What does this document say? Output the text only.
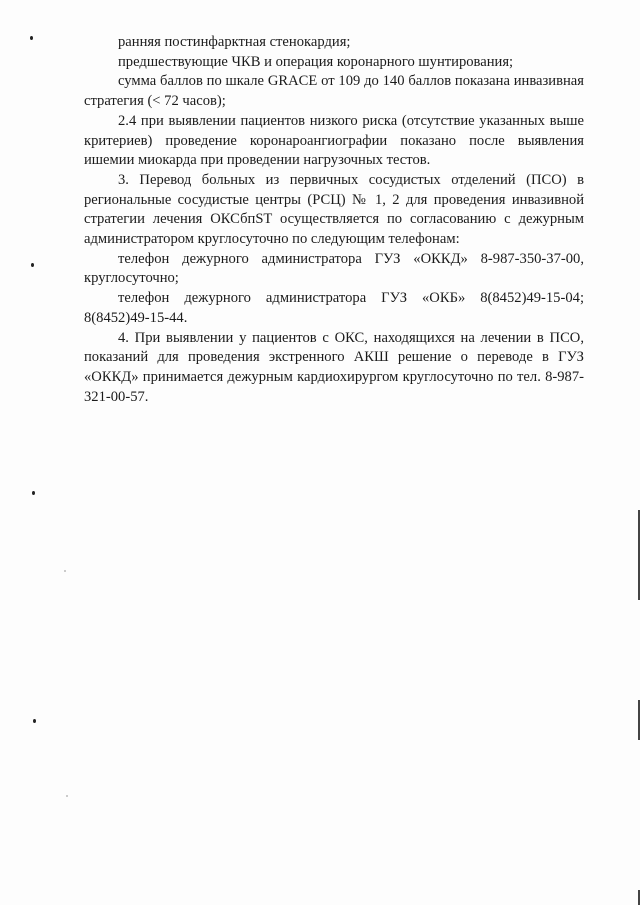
ранняя постинфарктная стенокардия;

предшествующие ЧКВ и операция коронарного шунтирования;

сумма баллов по шкале GRACE от 109 до 140 баллов показана инвазивная стратегия (< 72 часов);

2.4 при выявлении пациентов низкого риска (отсутствие указанных выше критериев) проведение коронароангиографии показано после выявления ишемии миокарда при проведении нагрузочных тестов.

3. Перевод больных из первичных сосудистых отделений (ПСО) в региональные сосудистые центры (РСЦ) № 1, 2 для проведения инвазивной стратегии лечения ОКСбпST осуществляется по согласованию с дежурным администратором круглосуточно по следующим телефонам:

телефон дежурного администратора ГУЗ «ОККД» 8-987-350-37-00, круглосуточно;

телефон дежурного администратора ГУЗ «ОКБ» 8(8452)49-15-04; 8(8452)49-15-44.

4. При выявлении у пациентов с ОКС, находящихся на лечении в ПСО, показаний для проведения экстренного АКШ решение о переводе в ГУЗ «ОККД» принимается дежурным кардиохирургом круглосуточно по тел. 8-987-321-00-57.
